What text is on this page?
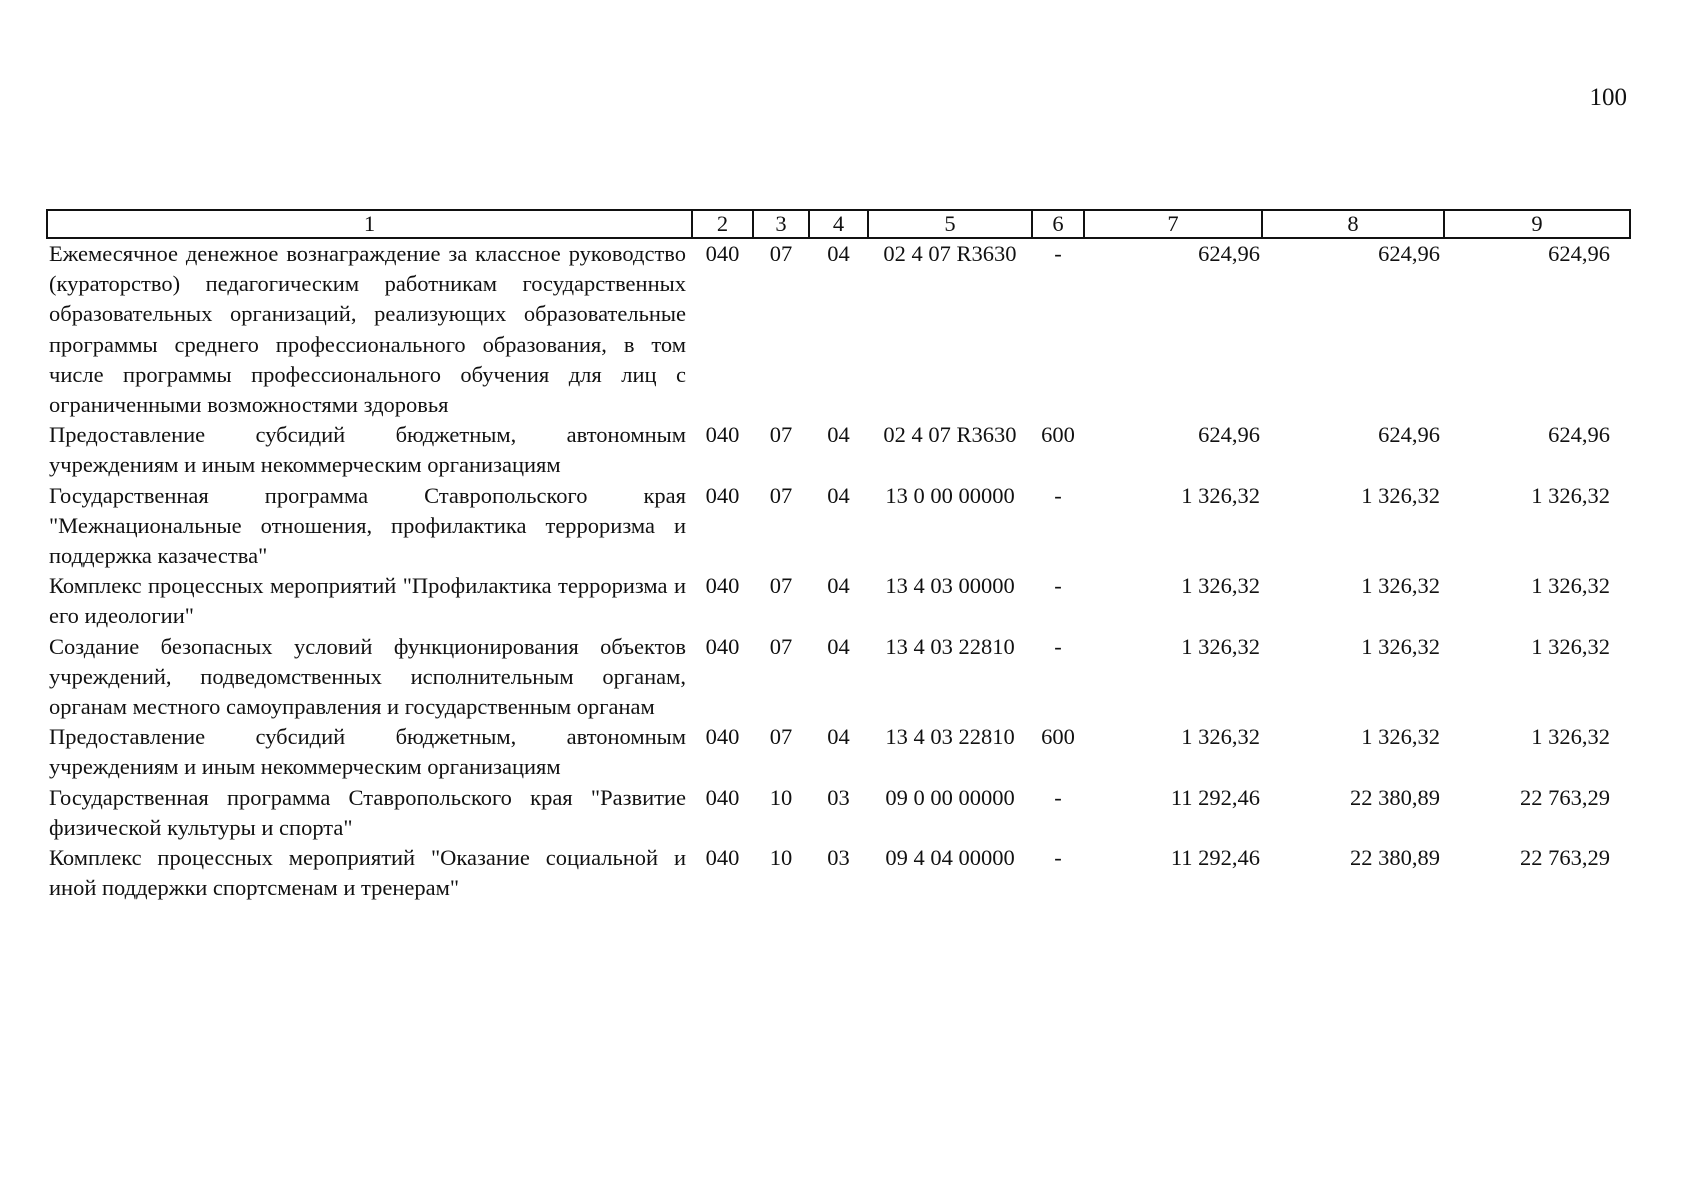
100
1	2	3	4	5	6	7	8	9
Ежемесячное денежное вознаграждение за классное руководство (кураторство) педагогическим работникам государственных образовательных организаций, реализующих образовательные программы среднего профессионального образования, в том числе программы профессионального обучения для лиц с ограниченными возможностями здоровья	040	07	04	02 4 07 R3630	-	624,96	624,96	624,96
Предоставление субсидий бюджетным, автономным учреждениям и иным некоммерческим организациям	040	07	04	02 4 07 R3630	600	624,96	624,96	624,96
Государственная программа Ставропольского края "Межнациональные отношения, профилактика терроризма и поддержка казачества"	040	07	04	13 0 00 00000	-	1 326,32	1 326,32	1 326,32
Комплекс процессных мероприятий "Профилактика терроризма и его идеологии"	040	07	04	13 4 03 00000	-	1 326,32	1 326,32	1 326,32
Создание безопасных условий функционирования объектов учреждений, подведомственных исполнительным органам, органам местного самоуправления и государственным органам	040	07	04	13 4 03 22810	-	1 326,32	1 326,32	1 326,32
Предоставление субсидий бюджетным, автономным учреждениям и иным некоммерческим организациям	040	07	04	13 4 03 22810	600	1 326,32	1 326,32	1 326,32
Государственная программа Ставропольского края "Развитие физической культуры и спорта"	040	10	03	09 0 00 00000	-	11 292,46	22 380,89	22 763,29
Комплекс процессных мероприятий "Оказание социальной и иной поддержки спортсменам и тренерам"	040	10	03	09 4 04 00000	-	11 292,46	22 380,89	22 763,29
